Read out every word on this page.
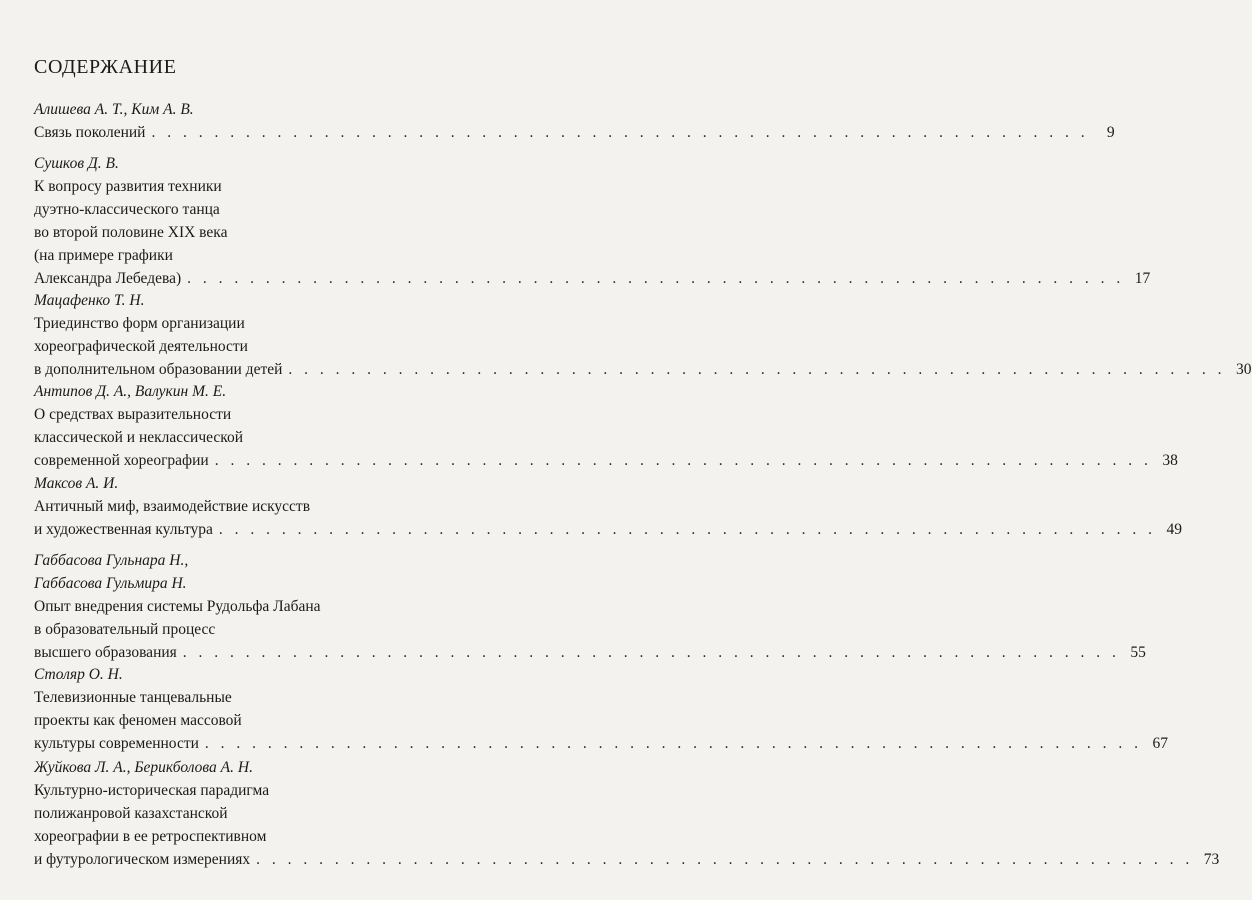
СОДЕРЖАНИЕ
Алишева А. Т., Ким А. В.
Связь поколений . . . . . . . . . . . . . . . . . . . . . . . . . . . . . . . . . . . . . . . . . . . . . . . . . . . . . . . . . . . .	9
Сушков Д. В.
К вопросу развития техники
дуэтно-классического танца
во второй половине XIX века
(на примере графики
Александра Лебедева) . . . . . . . . . . . . . . . . . . . . . . . . . . . . . . . . . . . . . . . . . . . . . . . . . . . . . . . . . . . . 17
Мацафенко Т. Н.
Триединство форм организации
хореографической деятельности
в дополнительном образовании детей . . . . . . . . . . . . . . . . . . . . . . . . . . . . . . . . . . . . . . . . . . . . . . . . . . . . . . . . . . . . 30
Антипов Д. А., Валукин М. Е.
О средствах выразительности
классической и неклассической
современной хореографии . . . . . . . . . . . . . . . . . . . . . . . . . . . . . . . . . . . . . . . . . . . . . . . . . . . . . . . . . . . . 38
Максов А. И.
Античный миф, взаимодействие искусств
и художественная культура . . . . . . . . . . . . . . . . . . . . . . . . . . . . . . . . . . . . . . . . . . . . . . . . . . . . . . . . . . . . 49
Габбасова Гульнара Н.,
Габбасова Гульмира Н.
Опыт внедрения системы Рудольфа Лабана
в образовательный процесс
высшего образования . . . . . . . . . . . . . . . . . . . . . . . . . . . . . . . . . . . . . . . . . . . . . . . . . . . . . . . . . . . . 55
Столяр О. Н.
Телевизионные танцевальные
проекты как феномен массовой
культуры современности . . . . . . . . . . . . . . . . . . . . . . . . . . . . . . . . . . . . . . . . . . . . . . . . . . . . . . . . . . . . 67
Жуйкова Л. А., Берикболова А. Н.
Культурно-историческая парадигма
полижанровой казахстанской
хореографии в ее ретроспективном
и футурологическом измерениях . . . . . . . . . . . . . . . . . . . . . . . . . . . . . . . . . . . . . . . . . . . . . . . . . . . . . . . . . . . . 73
